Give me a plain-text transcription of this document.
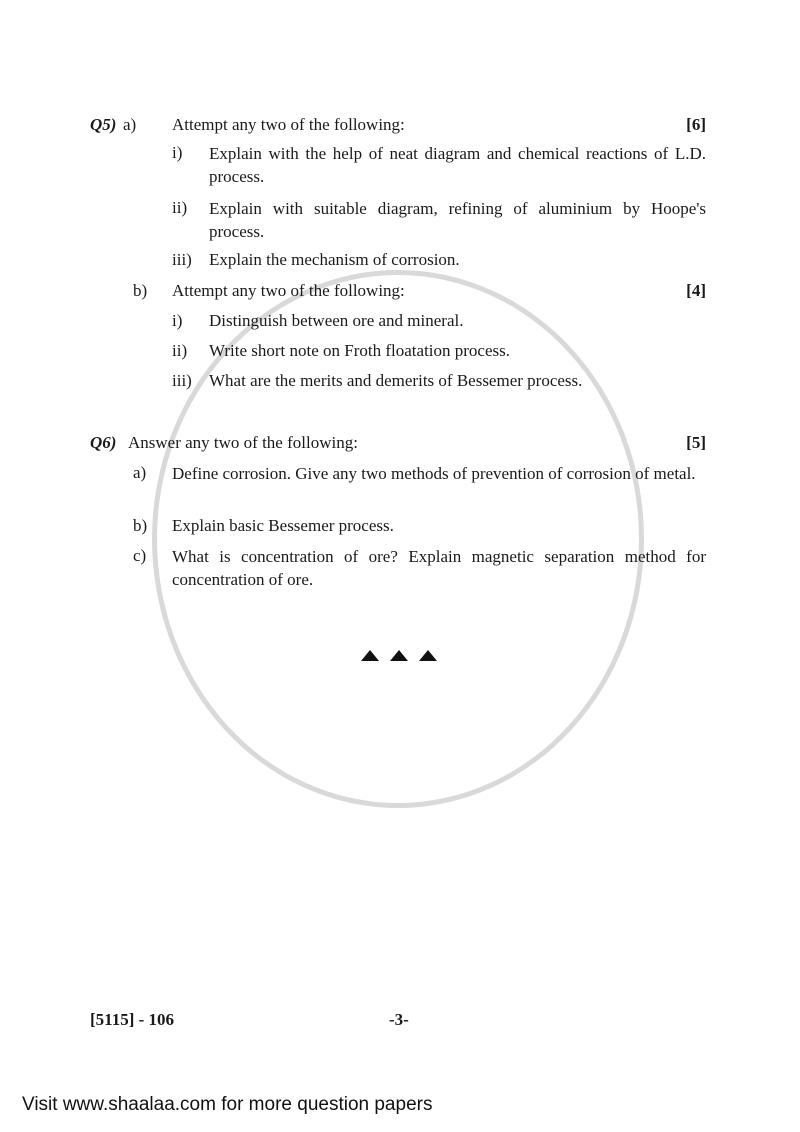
Q5) a) Attempt any two of the following:	[6]
i) Explain with the help of neat diagram and chemical reactions of L.D. process.
ii) Explain with suitable diagram, refining of aluminium by Hoope's process.
iii) Explain the mechanism of corrosion.
b) Attempt any two of the following:	[4]
i) Distinguish between ore and mineral.
ii) Write short note on Froth floatation process.
iii) What are the merits and demerits of Bessemer process.
Q6) Answer any two of the following:	[5]
a) Define corrosion. Give any two methods of prevention of corrosion of metal.
b) Explain basic Bessemer process.
c) What is concentration of ore? Explain magnetic separation method for concentration of ore.
[5115] - 106	-3-
Visit www.shaalaa.com for more question papers
